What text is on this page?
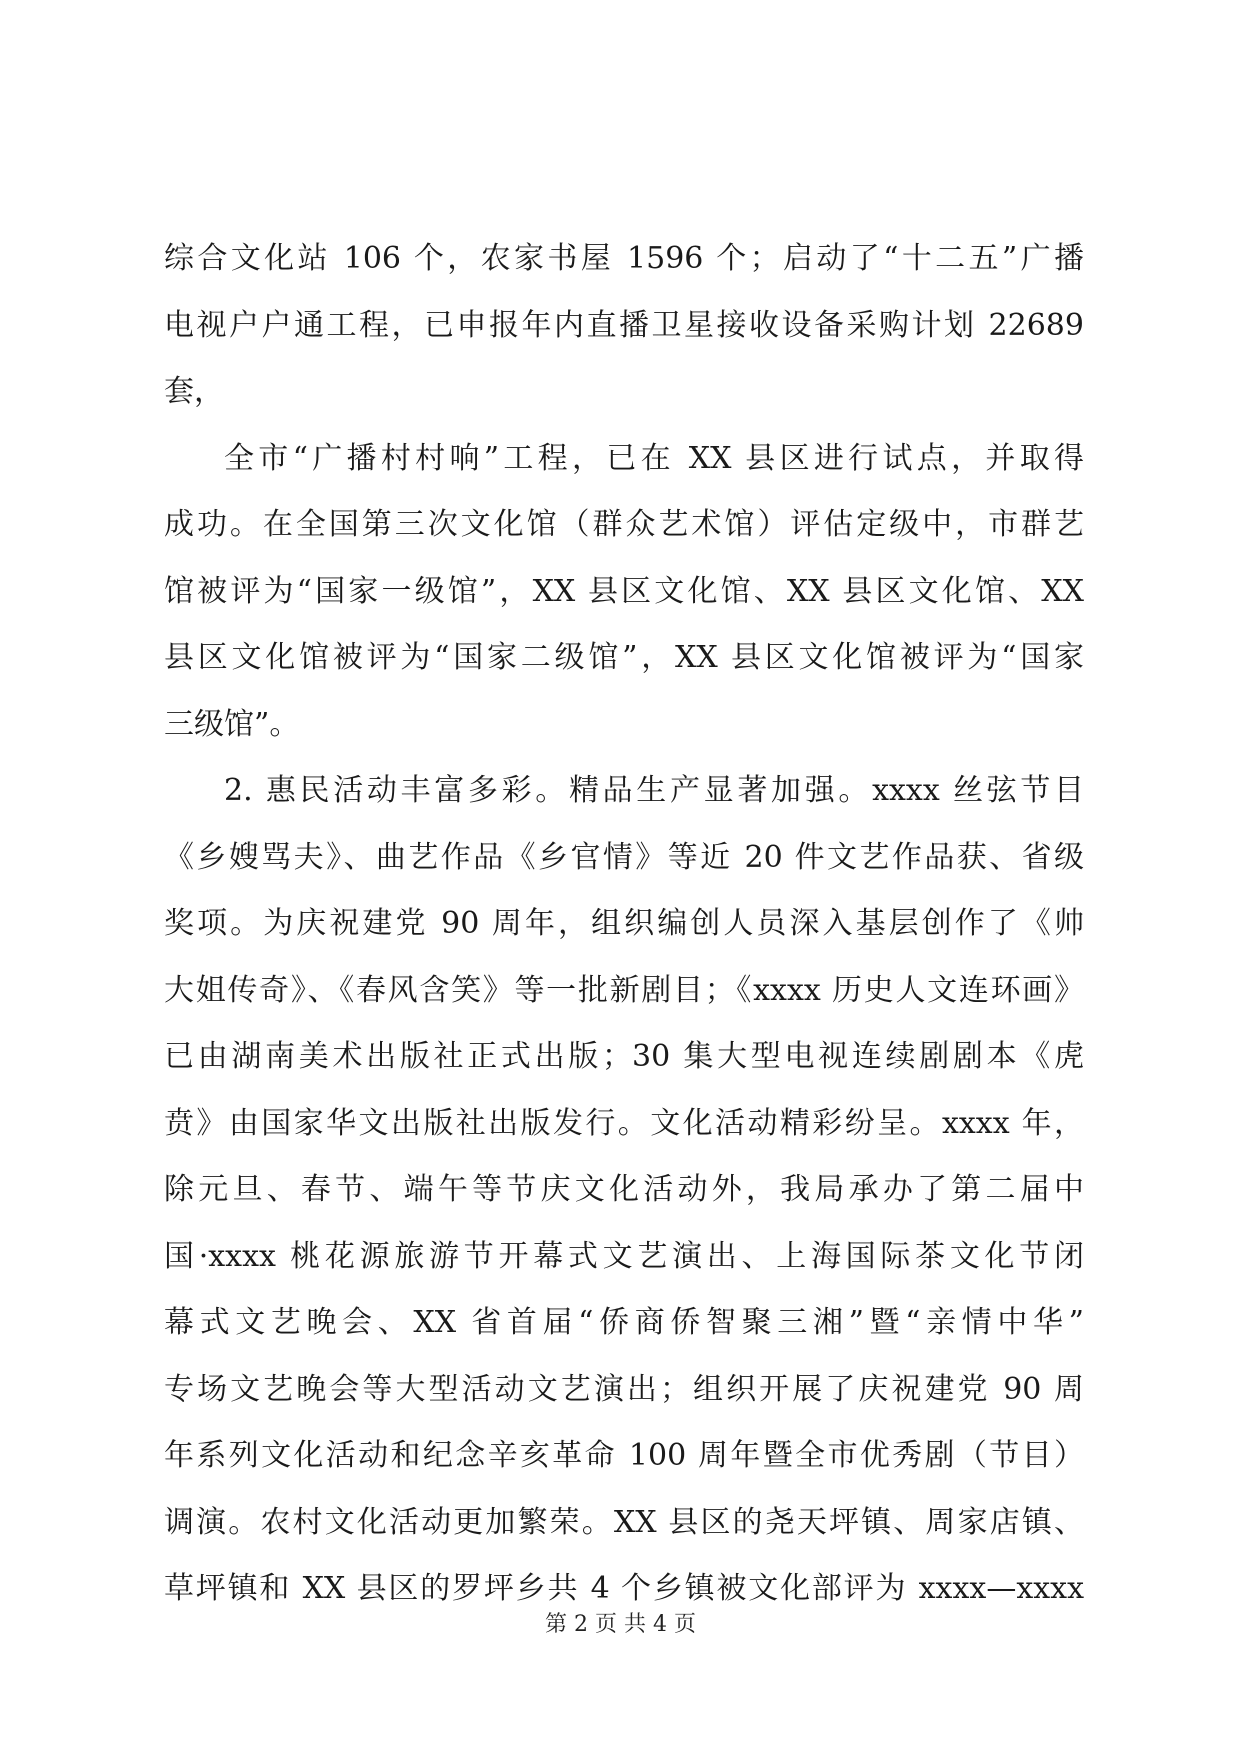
综合文化站 106 个，农家书屋 1596 个；启动了“十二五”广播
电视户户通工程，已申报年内直播卫星接收设备采购计划 22689
套，
全市“广播村村响”工程，已在 XX 县区进行试点，并取得
成功。在全国第三次文化馆（群众艺术馆）评估定级中，市群艺
馆被评为“国家一级馆”，XX 县区文化馆、XX 县区文化馆、XX
县区文化馆被评为“国家二级馆”，XX 县区文化馆被评为“国家
三级馆”。
2. 惠民活动丰富多彩。精品生产显著加强。xxxx 丝弦节目
《乡嫂骂夫》、曲艺作品《乡官情》等近 20 件文艺作品获、省级
奖项。为庆祝建党 90 周年，组织编创人员深入基层创作了《帅
大姐传奇》、《春风含笑》等一批新剧目；《xxxx 历史人文连环画》
已由湖南美术出版社正式出版；30 集大型电视连续剧剧本《虎
贲》由国家华文出版社出版发行。文化活动精彩纷呈。xxxx 年，
除元旦、春节、端午等节庆文化活动外，我局承办了第二届中
国·xxxx 桃花源旅游节开幕式文艺演出、上海国际茶文化节闭
幕式文艺晚会、XX 省首届“侨商侨智聚三湘”暨“亲情中华”
专场文艺晚会等大型活动文艺演出；组织开展了庆祝建党 90 周
年系列文化活动和纪念辛亥革命 100 周年暨全市优秀剧（节目）
调演。农村文化活动更加繁荣。XX 县区的尧天坪镇、周家店镇、
草坪镇和 XX 县区的罗坪乡共 4 个乡镇被文化部评为 xxxx—xxxx
第 2 页 共 4 页
